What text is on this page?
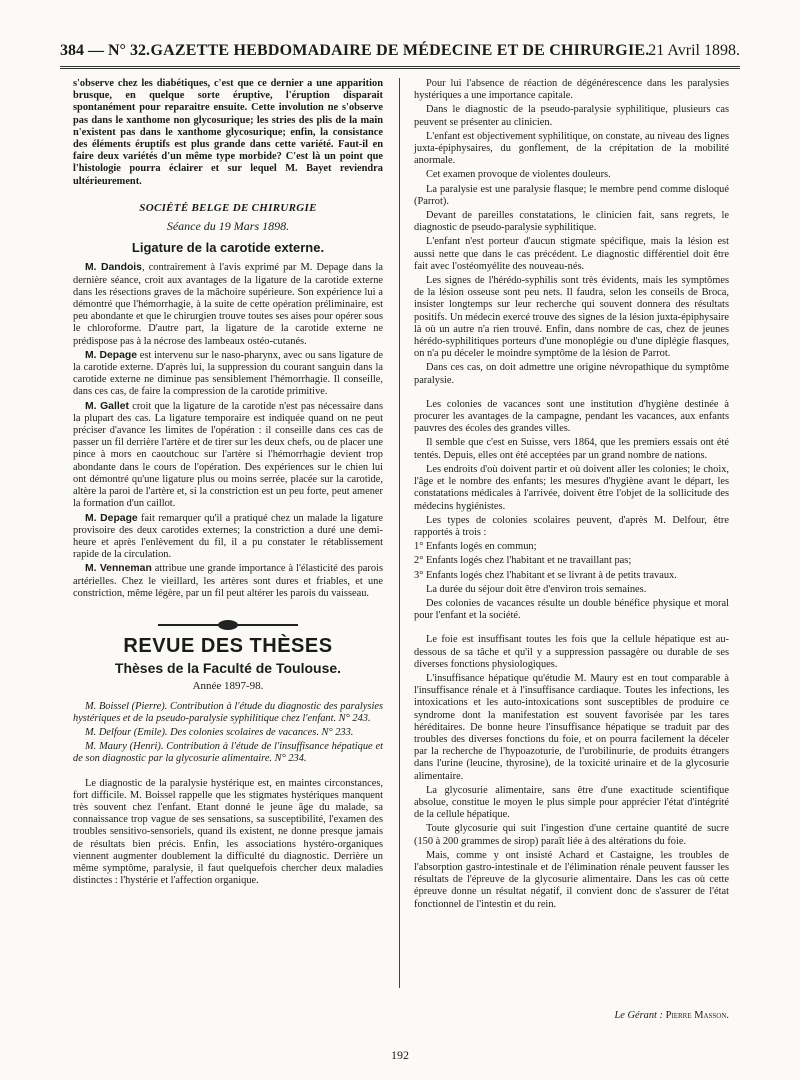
384 — N° 32. GAZETTE HEBDOMADAIRE DE MÉDECINE ET DE CHIRURGIE.
21 Avril 1898.

s'observe chez les diabétiques, c'est que ce dernier a une apparition brusque, en quelque sorte éruptive, l'éruption disparait spontanément pour reparaitre ensuite. Cette involution ne s'observe pas dans le xanthome non glycosurique; les stries des plis de la main n'existent pas dans le xanthome glycosurique; enfin, la consistance des éléments éruptifs est plus grande dans cette variété. Faut-il en faire deux variétés d'un même type morbide? C'est là un point que l'histologie pourra éclairer et sur lequel M. Bayet reviendra ultérieurement.

SOCIÉTÉ BELGE DE CHIRURGIE
Séance du 19 Mars 1898.
Ligature de la carotide externe.

M. Dandois, contrairement à l'avis exprimé par M. Depage dans la dernière séance, croit aux avantages de la ligature de la carotide externe dans les résections graves de la mâchoire supérieure. Son expérience lui a démontré que l'hémorrhagie, à la suite de cette opération préliminaire, est peu abondante et que le chirurgien trouve toutes ses aises pour opérer sous le chloroforme. D'autre part, la ligature de la carotide externe ne prédispose pas à la nécrose des lambeaux ostéo-cutanés.

M. Depage est intervenu sur le naso-pharynx, avec ou sans ligature de la carotide externe. D'après lui, la suppression du courant sanguin dans la carotide externe ne diminue pas sensiblement l'hémorrhagie. Il conseille, dans ces cas, de faire la compression de la carotide primitive.

M. Gallet croit que la ligature de la carotide n'est pas nécessaire dans la plupart des cas. La ligature temporaire est indiquée quand on ne peut préciser d'avance les limites de l'opération : il conseille dans ces cas de passer un fil derrière l'artère et de tirer sur les deux chefs, ou de placer une pince à mors en caoutchouc sur l'artère si l'hémorrhagie devient trop abondante dans le cours de l'opération. Des expériences sur le chien lui ont démontré qu'une ligature plus ou moins serrée, placée sur la carotide, altère la paroi de l'artère et, si la constriction est un peu forte, peut amener la formation d'un caillot.

M. Depage fait remarquer qu'il a pratiqué chez un malade la ligature provisoire des deux carotides externes; la constriction a duré une demi-heure et après l'enlèvement du fil, il a pu constater le rétablissement rapide de la circulation.

M. Venneman attribue une grande importance à l'élasticité des parois artérielles. Chez le vieillard, les artères sont dures et friables, et une constriction, même légère, par un fil peut altérer les parois du vaisseau.

REVUE DES THÈSES
Thèses de la Faculté de Toulouse.
Année 1897-98.

M. Boissel (Pierre). Contribution à l'étude du diagnostic des paralysies hystériques et de la pseudo-paralysie syphilitique chez l'enfant. N° 243.

M. Delfour (Emile). Des colonies scolaires de vacances. N° 233.

M. Maury (Henri). Contribution à l'étude de l'insuffisance hépatique et de son diagnostic par la glycosurie alimentaire. N° 234.

Le diagnostic de la paralysie hystérique est, en maintes circonstances, fort difficile. M. Boissel rappelle que les stigmates hystériques manquent très souvent chez l'enfant. Etant donné le jeune âge du malade, sa connaissance trop vague de ses sensations, sa susceptibilité, l'examen des troubles sensitivo-sensoriels, quand ils existent, ne donne presque jamais de résultats bien précis. Enfin, les associations hystéro-organiques viennent augmenter doublement la difficulté du diagnostic. Derrière un même symptôme, paralysie, il faut quelquefois chercher deux maladies distinctes : l'hystérie et l'affection organique.

Pour lui l'absence de réaction de dégénérescence dans les paralysies hystériques a une importance capitale.

Dans le diagnostic de la pseudo-paralysie syphilitique, plusieurs cas peuvent se présenter au clinicien.

L'enfant est objectivement syphilitique, on constate, au niveau des lignes juxta-épiphysaires, du gonflement, de la crépitation de la mobilité anormale.

Cet examen provoque de violentes douleurs.

La paralysie est une paralysie flasque; le membre pend comme disloqué (Parrot).

Devant de pareilles constatations, le clinicien fait, sans regrets, le diagnostic de pseudo-paralysie syphilitique.

L'enfant n'est porteur d'aucun stigmate spécifique, mais la lésion est aussi nette que dans le cas précédent. Le diagnostic différentiel doit être fait avec l'ostéomyélite des nouveau-nés.

Les signes de l'hérédo-syphilis sont très évidents, mais les symptômes de la lésion osseuse sont peu nets. Il faudra, selon les conseils de Broca, insister longtemps sur leur recherche qui souvent donnera des résultats positifs. Un médecin exercé trouve des signes de la lésion juxta-épiphysaire là où un autre n'a rien trouvé. Enfin, dans nombre de cas, chez de jeunes hérédo-syphilitiques porteurs d'une monoplégie ou d'une diplégie flasques, on n'a pu déceler le moindre symptôme de la lésion de Parrot.

Dans ces cas, on doit admettre une origine névropathique du symptôme paralysie.

Les colonies de vacances sont une institution d'hygiène destinée à procurer les avantages de la campagne, pendant les vacances, aux enfants pauvres des écoles des grandes villes.

Il semble que c'est en Suisse, vers 1864, que les premiers essais ont été tentés. Depuis, elles ont été acceptées par un grand nombre de nations.

Les endroits d'où doivent partir et où doivent aller les colonies; le choix, l'âge et le nombre des enfants; les mesures d'hygiène avant le départ, les constatations médicales à l'arrivée, doivent être l'objet de la sollicitude des médecins hygiénistes.

Les types de colonies scolaires peuvent, d'après M. Delfour, être rapportés à trois :

1° Enfants logés en commun;

2° Enfants logés chez l'habitant et ne travaillant pas;

3° Enfants logés chez l'habitant et se livrant à de petits travaux.

La durée du séjour doit être d'environ trois semaines.

Des colonies de vacances résulte un double bénéfice physique et moral pour l'enfant et la société.

Le foie est insuffisant toutes les fois que la cellule hépatique est au-dessous de sa tâche et qu'il y a suppression passagère ou durable de ses diverses fonctions physiologiques.

L'insuffisance hépatique qu'étudie M. Maury est en tout comparable à l'insuffisance rénale et à l'insuffisance cardiaque. Toutes les infections, les intoxications et les auto-intoxications sont susceptibles de produire ce syndrome dont la manifestation est souvent favorisée par les tares héréditaires. De bonne heure l'insuffisance hépatique se traduit par des troubles des diverses fonctions du foie, et on pourra facilement la déceler par la recherche de l'hypoazoturie, de l'urobilinurie, de produits étrangers dans l'urine (leucine, thyrosine), de la toxicité urinaire et de la glycosurie alimentaire.

La glycosurie alimentaire, sans être d'une exactitude scientifique absolue, constitue le moyen le plus simple pour apprécier l'état d'intégrité de la cellule hépatique.

Toute glycosurie qui suit l'ingestion d'une certaine quantité de sucre (150 à 200 grammes de sirop) paraît liée à des altérations du foie.

Mais, comme y ont insisté Achard et Castaigne, les troubles de l'absorption gastro-intestinale et de l'élimination rénale peuvent fausser les résultats de l'épreuve de la glycosurie alimentaire. Dans les cas où cette épreuve donne un résultat négatif, il convient donc de s'assurer de l'état fonctionnel de l'intestin et du rein.

Le Gérant : Pierre Masson.
192
